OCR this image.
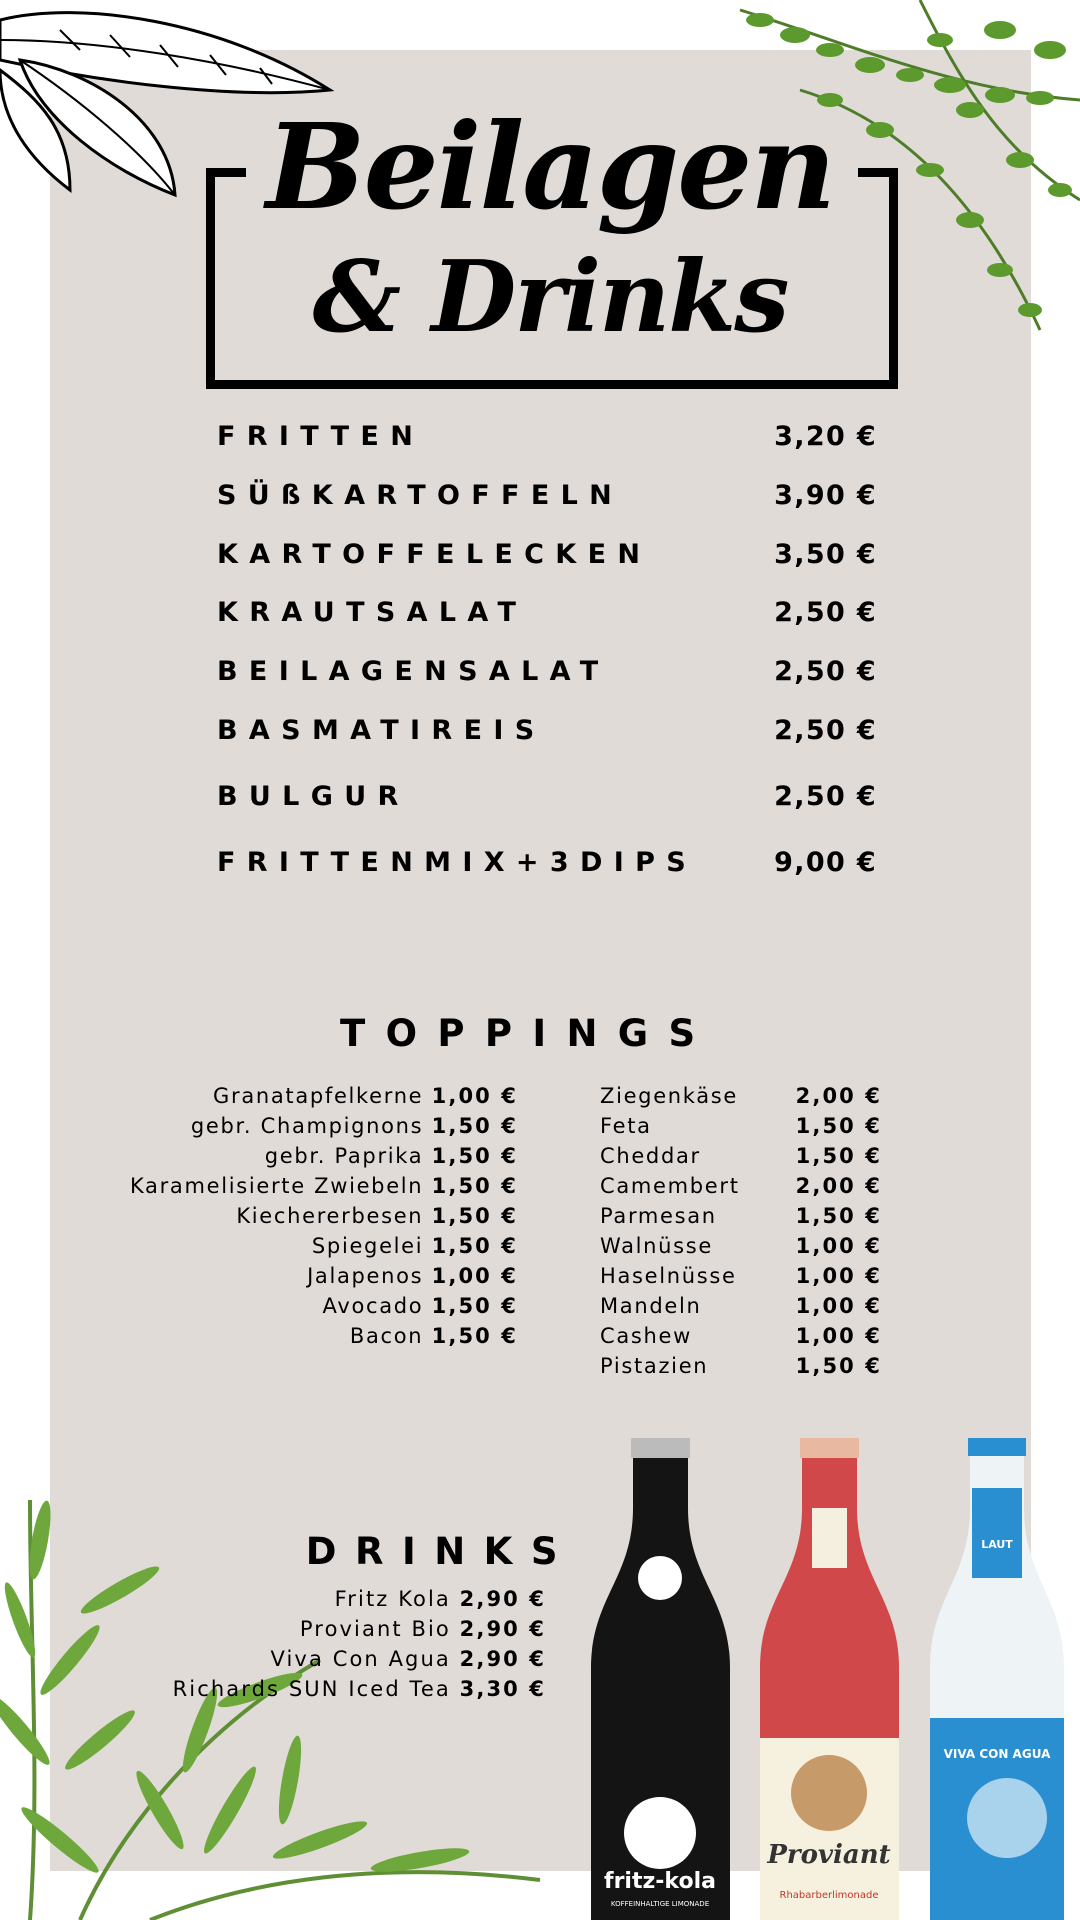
Beilagen
& Drinks
FRITTEN	3,20 €
SÜßKARTOFFELN	3,90 €
KARTOFFELECKEN	3,50 €
KRAUTSALAT	2,50 €
BEILAGENSALAT	2,50 €
BASMATIREIS	2,50 €
BULGUR	2,50 €
FRITTENMIX+3DIPS	9,00 €
TOPPINGS
Granatapfelkerne 1,00 €
gebr. Champignons 1,50 €
gebr. Paprika 1,50 €
Karamelisierte Zwiebeln 1,50 €
Kiechererbesen 1,50 €
Spiegelei 1,50 €
Jalapenos 1,00 €
Avocado 1,50 €
Bacon 1,50 €
Ziegenkäse	2,00 €
Feta	1,50 €
Cheddar	1,50 €
Camembert	2,00 €
Parmesan	1,50 €
Walnüsse	1,00 €
Haselnüsse	1,00 €
Mandeln	1,00 €
Cashew	1,00 €
Pistazien	1,50 €
DRINKS
Fritz Kola 2,90 €
Proviant Bio 2,90 €
Viva Con Agua 2,90 €
Richards SUN Iced Tea 3,30 €
fritz-kola
KOFFEINHALTIGE LIMONADE
Proviant
Rhabarberlimonade
VIVA CON AGUA
LAUT
